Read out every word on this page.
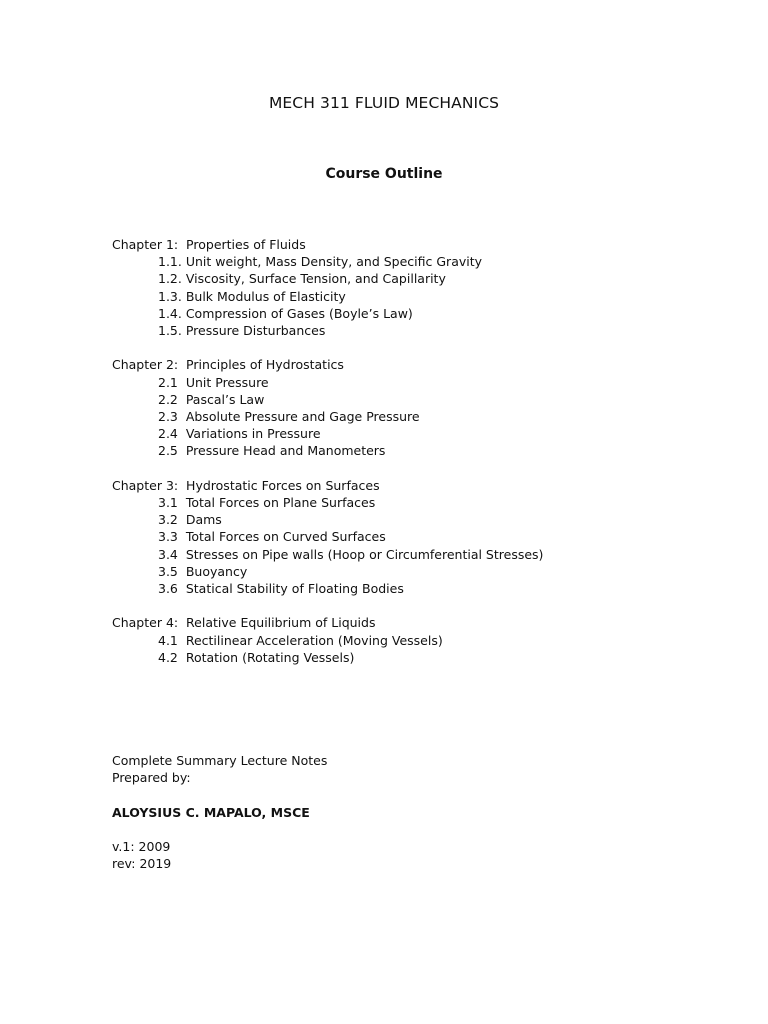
MECH 311 FLUID MECHANICS
Course Outline
Chapter 1:  Properties of Fluids
1.1. Unit weight, Mass Density, and Specific Gravity
1.2. Viscosity, Surface Tension, and Capillarity
1.3. Bulk Modulus of Elasticity
1.4. Compression of Gases (Boyle’s Law)
1.5. Pressure Disturbances
Chapter 2:  Principles of Hydrostatics
2.1  Unit Pressure
2.2  Pascal’s Law
2.3  Absolute Pressure and Gage Pressure
2.4  Variations in Pressure
2.5  Pressure Head and Manometers
Chapter 3:  Hydrostatic Forces on Surfaces
3.1  Total Forces on Plane Surfaces
3.2  Dams
3.3  Total Forces on Curved Surfaces
3.4  Stresses on Pipe walls (Hoop or Circumferential Stresses)
3.5  Buoyancy
3.6  Statical Stability of Floating Bodies
Chapter 4:  Relative Equilibrium of Liquids
4.1  Rectilinear Acceleration (Moving Vessels)
4.2  Rotation (Rotating Vessels)
Complete Summary Lecture Notes
Prepared by:
ALOYSIUS C. MAPALO, MSCE
v.1: 2009
rev: 2019
